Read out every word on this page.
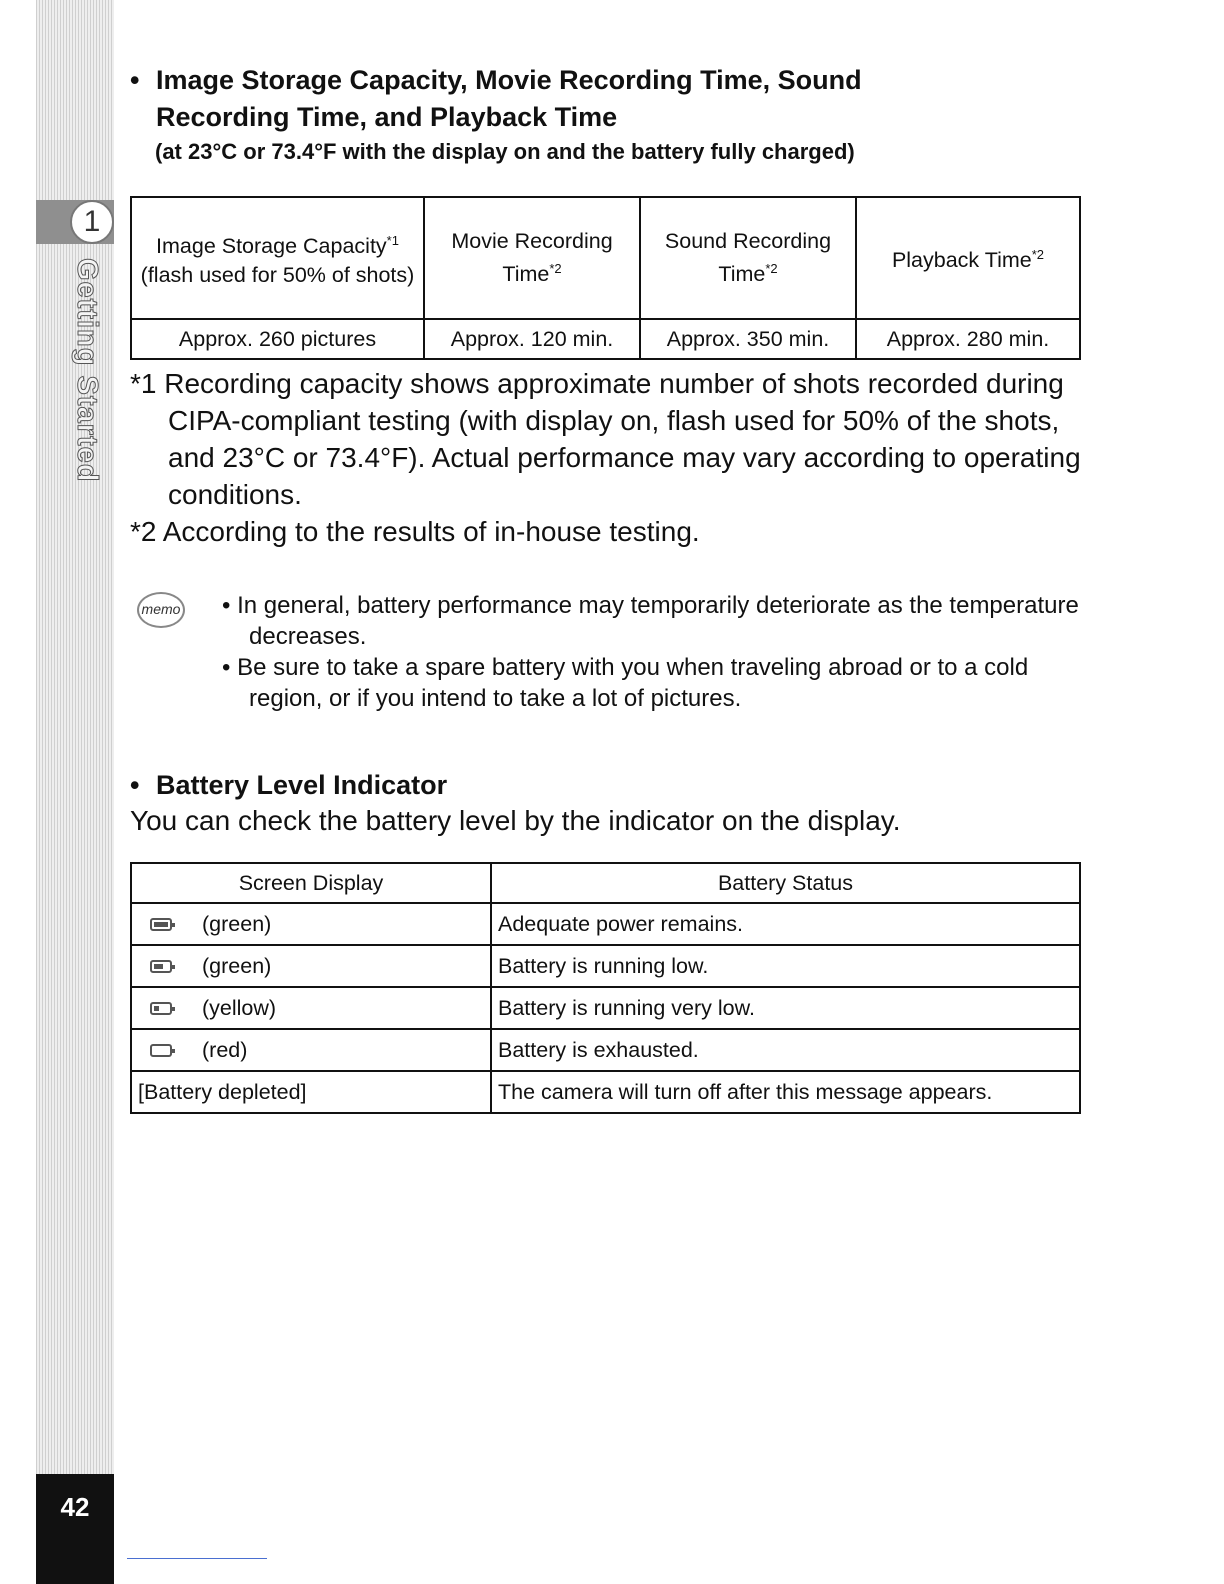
1
Getting Started
42
• Image Storage Capacity, Movie Recording Time, Sound
Recording Time, and Playback Time

(at 23°C or 73.4°F with the display on and the battery fully charged)

Image Storage Capacity$^{*1}$
(flash used for 50% of shots)	Movie Recording Time$^{*2}$	Sound Recording Time$^{*2}$	Playback Time$^{*2}$
Approx. 260 pictures	Approx. 120 min.	Approx. 350 min.	Approx. 280 min.

*1 Recording capacity shows approximate number of shots recorded during CIPA-compliant testing (with display on, flash used for 50% of the shots, and 23°C or 73.4°F). Actual performance may vary according to operating conditions.

*2 According to the results of in-house testing.

memo • In general, battery performance may temporarily deteriorate as the temperature decreases.
• Be sure to take a spare battery with you when traveling abroad or to a cold region, or if you intend to take a lot of pictures.
• Battery Level Indicator

You can check the battery level by the indicator on the display.

Screen Display	Battery Status

(green)	Adequate power remains.

(green)	Battery is running low.

(yellow)	Battery is running very low.

(red)	Battery is exhausted.
[Battery depleted]	The camera will turn off after this message appears.
